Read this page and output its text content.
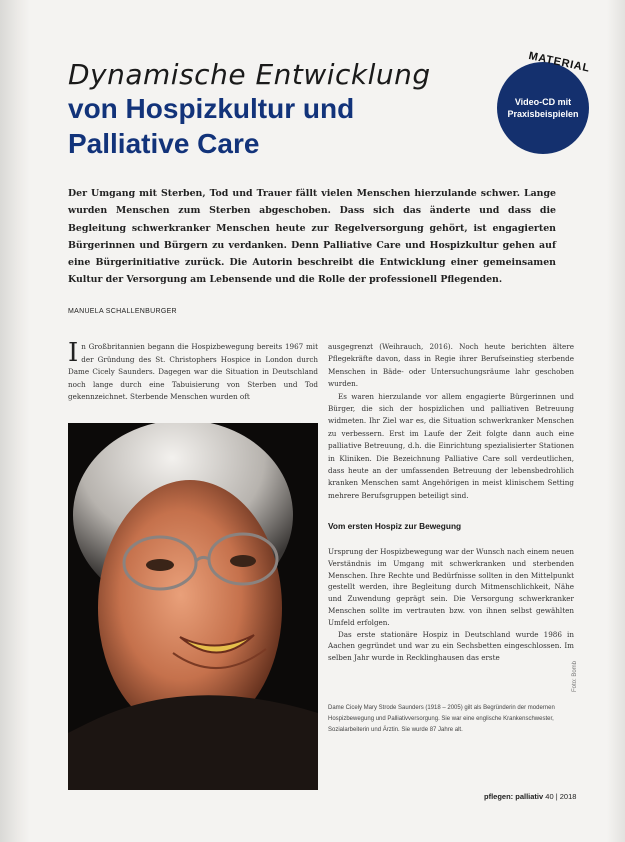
Dynamische Entwicklung
von Hospizkultur und
Palliative Care
MATERIAL
Video-CD mit
Praxisbeispielen
Der Umgang mit Sterben, Tod und Trauer fällt vielen Menschen hierzulande schwer. Lange wurden Menschen zum Sterben abgeschoben. Dass sich das änderte und dass die Begleitung schwerkranker Menschen heute zur Regelversorgung gehört, ist engagierten Bürgerinnen und Bürgern zu verdanken. Denn Palliative Care und Hospizkultur gehen auf eine Bürgerinitiative zurück. Die Autorin beschreibt die Entwicklung einer gemeinsamen Kultur der Versorgung am Lebensende und die Rolle der professionell Pflegenden.
MANUELA SCHALLENBURGER
In Großbritannien begann die Hospizbewegung bereits 1967 mit der Gründung des St. Christophers Hospice in London durch Dame Cicely Saunders. Dagegen war die Situation in Deutschland noch lange durch eine Tabuisierung von Sterben und Tod gekennzeichnet. Sterbende Menschen wurden oft

ausgegrenzt (Weihrauch, 2016). Noch heute berichten ältere Pflegekräfte davon, dass in Regie ihrer Berufseinstieg sterbende Menschen in Bäde- oder Untersuchungsräume lahr geschoben wurden.

Es waren hierzulande vor allem engagierte Bürgerinnen und Bürger, die sich der hospizlichen und palliativen Betreuung widmeten. Ihr Ziel war es, die Situation schwerkranker Menschen zu verbessern. Erst im Laufe der Zeit folgte dann auch eine palliative Betreuung, d.h. die Einrichtung spezialisierter Stationen in Kliniken. Die Bezeichnung Palliative Care soll verdeutlichen, dass heute an der umfassenden Betreuung der lebensbedrohlich kranken Menschen samt Angehörigen in meist klinischem Setting mehrere Berufsgruppen beteiligt sind.

Vom ersten Hospiz zur Bewegung

Ursprung der Hospizbewegung war der Wunsch nach einem neuen Verständnis im Umgang mit schwerkranken und sterbenden Menschen. Ihre Rechte und Bedürfnisse sollten in den Mittelpunkt gestellt werden, ihre Begleitung durch Mitmenschlichkeit, Nähe und Zuwendung geprägt sein. Die Versorgung schwerkranker Menschen sollte im vertrauten bzw. von ihnen selbst gewählten Umfeld erfolgen.

Das erste stationäre Hospiz in Deutschland wurde 1986 in Aachen gegründet und war zu ein Sechsbetten eingeschlossen. Im selben Jahr wurde in Recklinghausen das erste

Dame Cicely Mary Strode Saunders (1918 – 2005) gilt als Begründerin der modernen Hospizbewegung und Palliativversorgung. Sie war eine englische Krankenschwester, Sozialarbeiterin und Ärztin. Sie wurde 87 Jahre alt.
Foto: Bomb
pflegen: palliativ 40 | 2018
